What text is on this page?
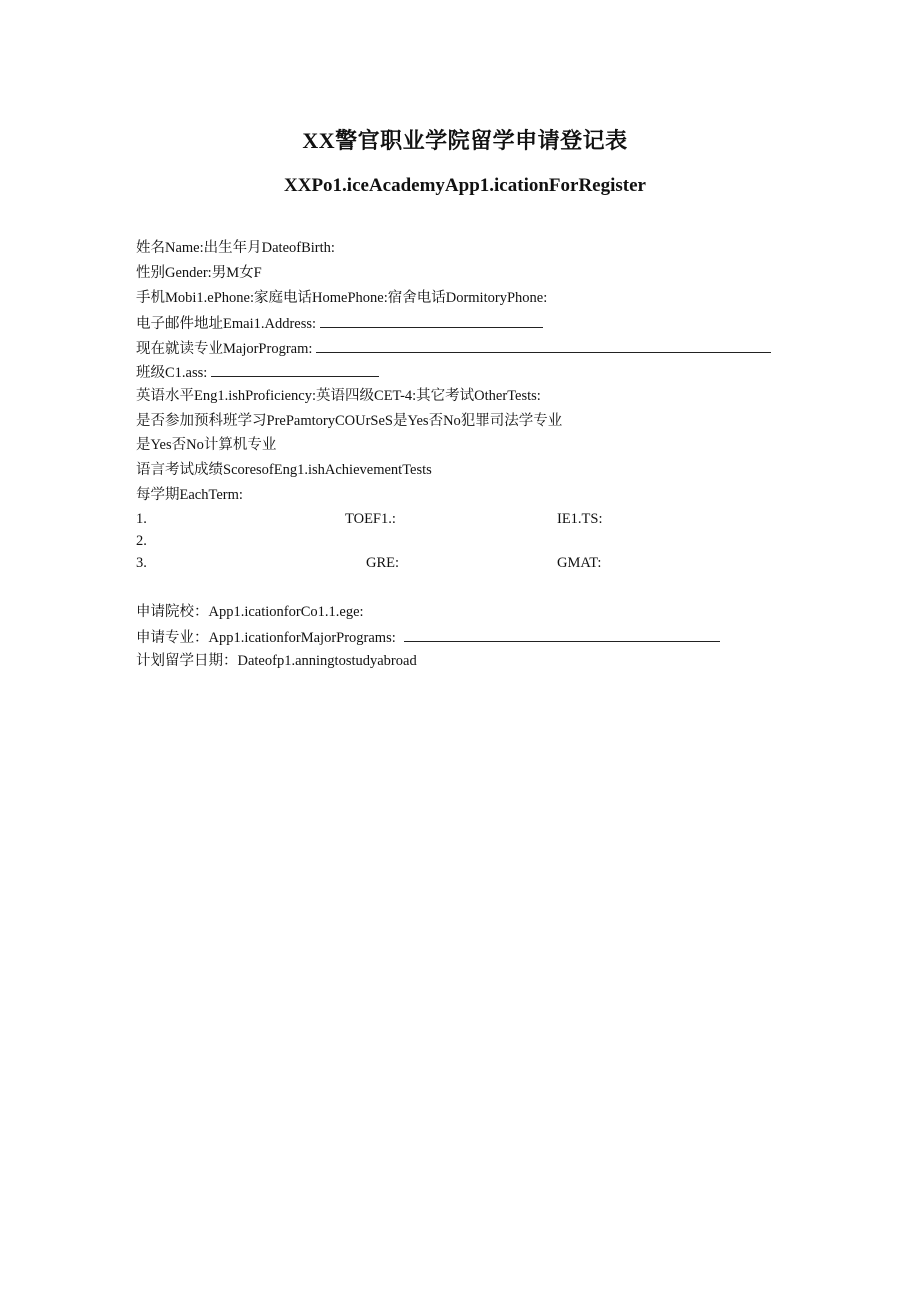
XX警官职业学院留学申请登记表
XXPo1.iceAcademyApp1.icationForRegister
姓名Name:出生年月DateofBirth:
性别Gender:男M女F
手机Mobi1.ePhone:家庭电话HomePhone:宿舍电话DormitoryPhone:
电子邮件地址Emai1.Address:
现在就读专业MajorProgram:
班级C1.ass:
英语水平Eng1.ishProficiency:英语四级CET-4:其它考试OtherTests:
是否参加预科班学习PrePamtoryCOUrSeS是Yes否No犯罪司法学专业
是Yes否No计算机专业
语言考试成绩ScoresofEng1.ishAchievementTests
每学期EachTerm:
1.	TOEF1.:	IE1.TS:
2.
3.	GRE:	GMAT:
申请院校：App1.icationforCo1.1.ege:
申请专业：App1.icationforMajorPrograms:
计划留学日期：Dateofp1.anningtostudyabroad
